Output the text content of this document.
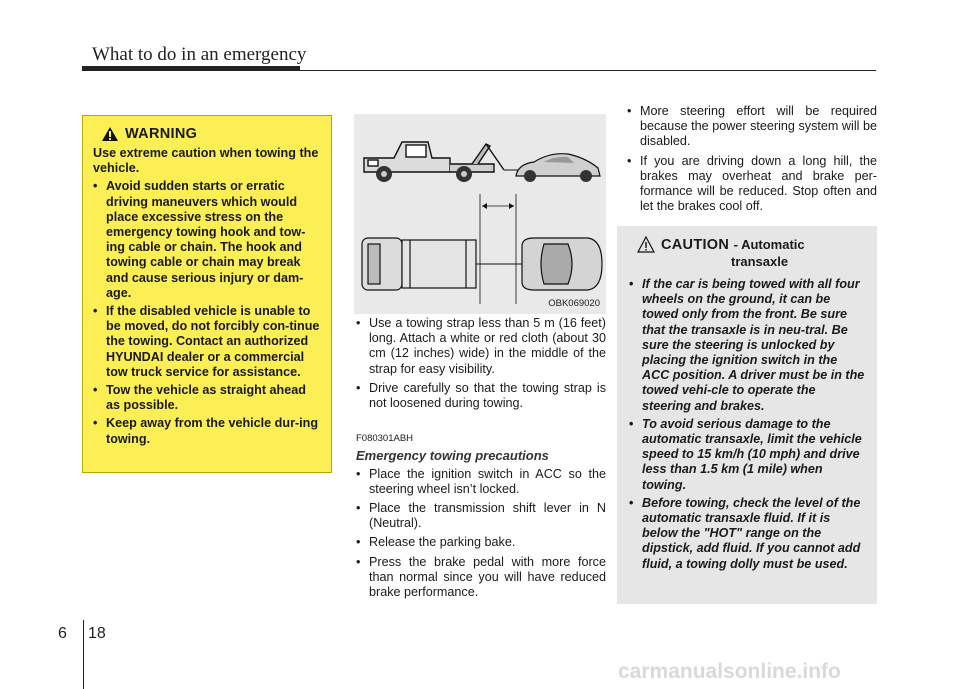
What to do in an emergency
WARNING

Use extreme caution when towing the vehicle.

• Avoid sudden starts or erratic driving maneuvers which would place excessive stress on the emergency towing hook and tow-ing cable or chain. The hook and towing cable or chain may break and cause serious injury or dam-age.
• If the disabled vehicle is unable to be moved, do not forcibly con-tinue the towing. Contact an authorized HYUNDAI dealer or a commercial tow truck service for assistance.
• Tow the vehicle as straight ahead as possible.
• Keep away from the vehicle dur-ing towing.
OBK069020
• Use a towing strap less than 5 m (16 feet) long. Attach a white or red cloth (about 30 cm (12 inches) wide) in the middle of the strap for easy visibility.
• Drive carefully so that the towing strap is not loosened during towing.
F080301ABH
Emergency towing precautions
• Place the ignition switch in ACC so the steering wheel isn’t locked.
• Place the transmission shift lever in N (Neutral).
• Release the parking bake.
• Press the brake pedal with more force than normal since you will have reduced brake performance.
• More steering effort will be required because the power steering system will be disabled.
• If you are driving down a long hill, the brakes may overheat and brake per-formance will be reduced. Stop often and let the brakes cool off.
CAUTION - Automatic
transaxle
• If the car is being towed with all four wheels on the ground, it can be towed only from the front. Be sure that the transaxle is in neu-tral. Be sure the steering is unlocked by placing the ignition switch in the ACC position. A driver must be in the towed vehi-cle to operate the steering and brakes.
• To avoid serious damage to the automatic transaxle, limit the vehicle speed to 15 km/h (10 mph) and drive less than 1.5 km (1 mile) when towing.
• Before towing, check the level of the automatic transaxle fluid. If it is below the "HOT" range on the dipstick, add fluid. If you cannot add fluid, a towing dolly must be used.
6 18
carmanualsonline.info
